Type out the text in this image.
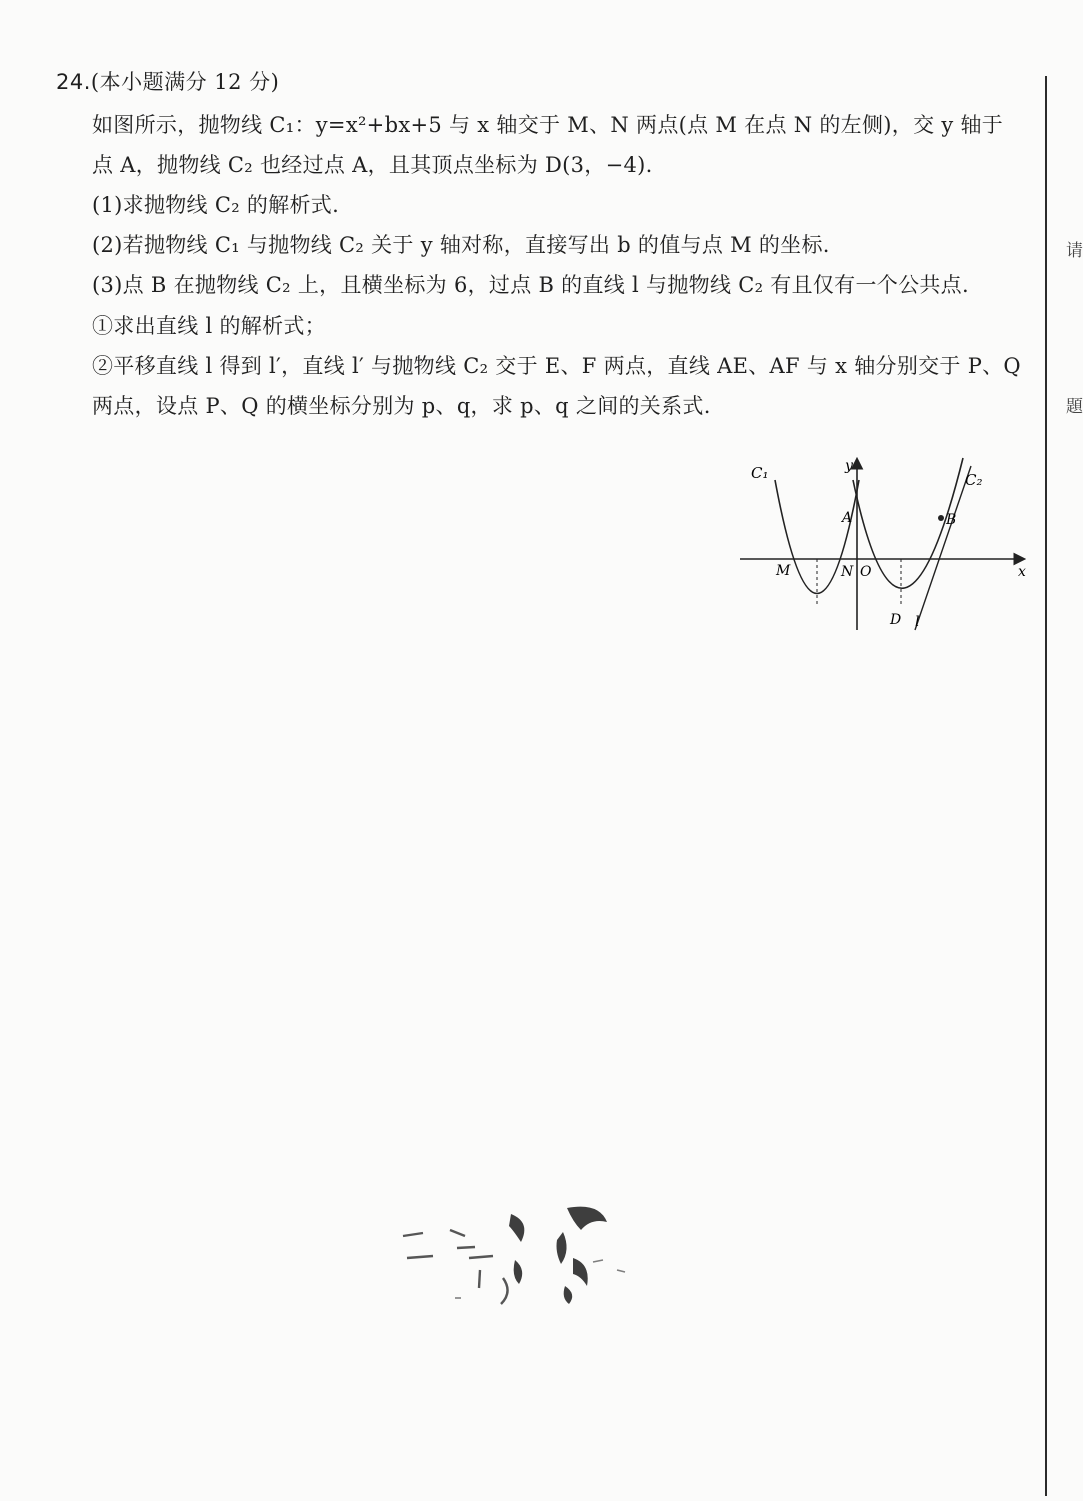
请
題
24.(本小题满分 12 分)
如图所示，抛物线 C₁：y=x²+bx+5 与 x 轴交于 M、N 两点(点 M 在点 N 的左侧)，交 y 轴于
点 A，抛物线 C₂ 也经过点 A，且其顶点坐标为 D(3，−4).
(1)求抛物线 C₂ 的解析式.
(2)若抛物线 C₁ 与抛物线 C₂ 关于 y 轴对称，直接写出 b 的值与点 M 的坐标.
(3)点 B 在抛物线 C₂ 上，且横坐标为 6，过点 B 的直线 l 与抛物线 C₂ 有且仅有一个公共点.
①求出直线 l 的解析式；
②平移直线 l 得到 l′，直线 l′ 与抛物线 C₂ 交于 E、F 两点，直线 AE、AF 与 x 轴分别交于 P、Q
两点，设点 P、Q 的横坐标分别为 p、q，求 p、q 之间的关系式.
y
x
C₁	C₂
A	B
M	N O
D l
